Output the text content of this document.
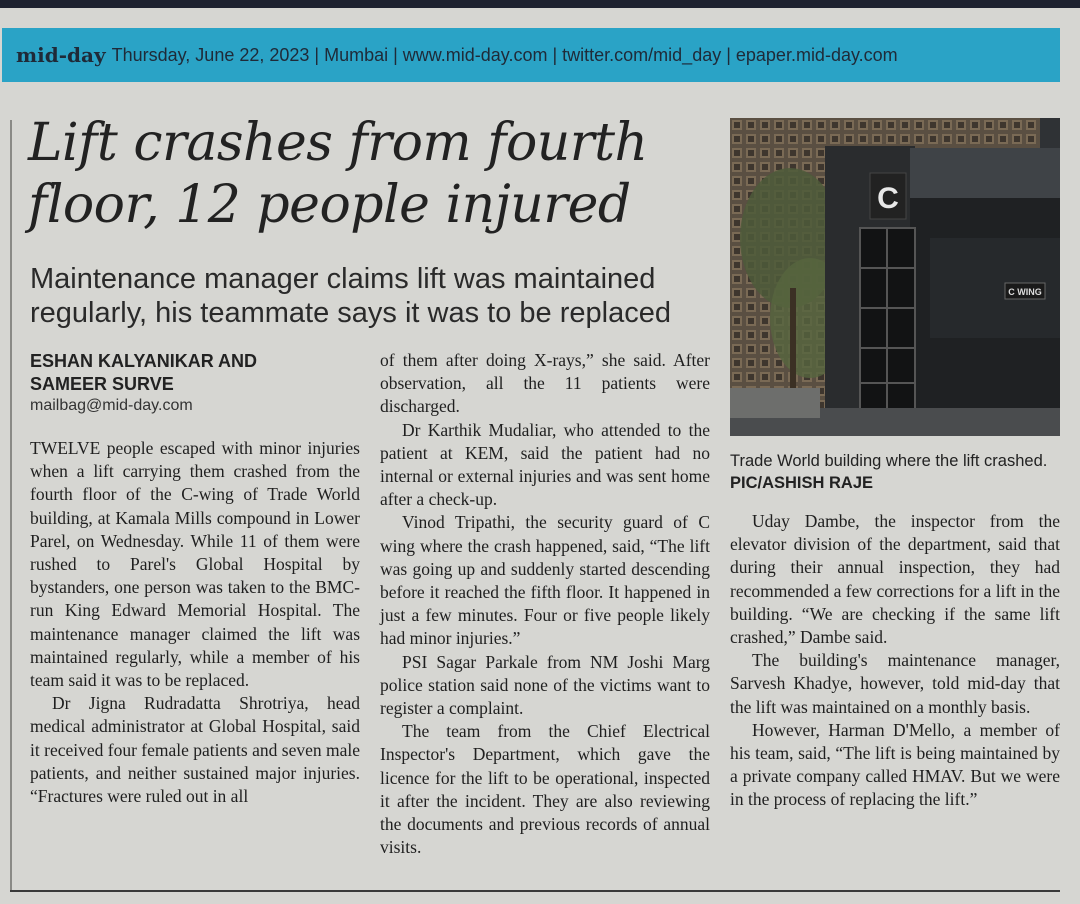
mid-day Thursday, June 22, 2023 | Mumbai | www.mid-day.com | twitter.com/mid_day | epaper.mid-day.com
Lift crashes from fourth
floor, 12 people injured
Maintenance manager claims lift was maintained
regularly, his teammate says it was to be replaced
ESHAN KALYANIKAR AND
SAMEER SURVE
mailbag@mid-day.com

TWELVE people escaped with minor injuries when a lift carrying them crashed from the fourth floor of the C-wing of Trade World building, at Kamala Mills compound in Lower Parel, on Wednesday. While 11 of them were rushed to Parel's Global Hospital by bystanders, one person was taken to the BMC-run King Edward Memorial Hospital. The maintenance manager claimed the lift was maintained regularly, while a member of his team said it was to be replaced.

Dr Jigna Rudradatta Shrotriya, head medical administrator at Global Hospital, said it received four female patients and seven male patients, and neither sustained major injuries. “Fractures were ruled out in all

of them after doing X-rays,” she said. After observation, all the 11 patients were discharged.

Dr Karthik Mudaliar, who attended to the patient at KEM, said the patient had no internal or external injuries and was sent home after a check-up.

Vinod Tripathi, the security guard of C wing where the crash happened, said, “The lift was going up and suddenly started descending before it reached the fifth floor. It happened in just a few minutes. Four or five people likely had minor injuries.”

PSI Sagar Parkale from NM Joshi Marg police station said none of the victims want to register a complaint.

The team from the Chief Electrical Inspector's Department, which gave the licence for the lift to be operational, inspected it after the incident. They are also reviewing the documents and previous records of annual visits.

C
C WING
Trade World building where the lift crashed. PIC/ASHISH RAJE

Uday Dambe, the inspector from the elevator division of the department, said that during their annual inspection, they had recommended a few corrections for a lift in the building. “We are checking if the same lift crashed,” Dambe said.

The building's maintenance manager, Sarvesh Khadye, however, told mid-day that the lift was maintained on a monthly basis.

However, Harman D'Mello, a member of his team, said, “The lift is being maintained by a private company called HMAV. But we were in the process of replacing the lift.”
